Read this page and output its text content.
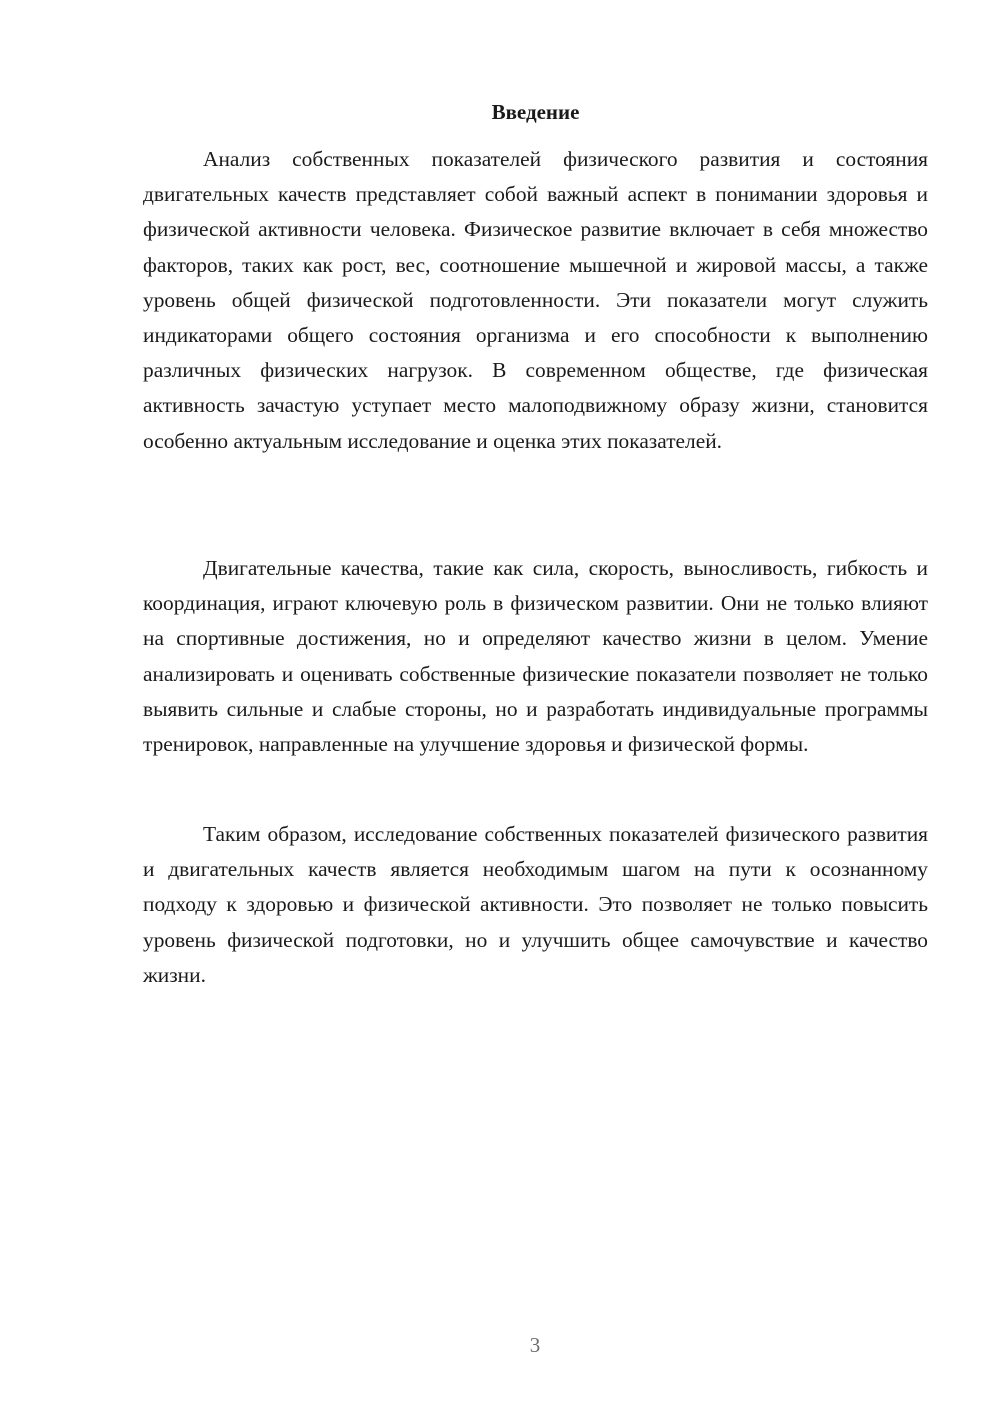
Введение

Анализ собственных показателей физического развития и состояния двигательных качеств представляет собой важный аспект в понимании здоровья и физической активности человека. Физическое развитие включает в себя множество факторов, таких как рост, вес, соотношение мышечной и жировой массы, а также уровень общей физической подготовленности. Эти показатели могут служить индикаторами общего состояния организма и его способности к выполнению различных физических нагрузок. В современном обществе, где физическая активность зачастую уступает место малоподвижному образу жизни, становится особенно актуальным исследование и оценка этих показателей.

Двигательные качества, такие как сила, скорость, выносливость, гибкость и координация, играют ключевую роль в физическом развитии. Они не только влияют на спортивные достижения, но и определяют качество жизни в целом. Умение анализировать и оценивать собственные физические показатели позволяет не только выявить сильные и слабые стороны, но и разработать индивидуальные программы тренировок, направленные на улучшение здоровья и физической формы.

Таким образом, исследование собственных показателей физического развития и двигательных качеств является необходимым шагом на пути к осознанному подходу к здоровью и физической активности. Это позволяет не только повысить уровень физической подготовки, но и улучшить общее самочувствие и качество жизни.

3
